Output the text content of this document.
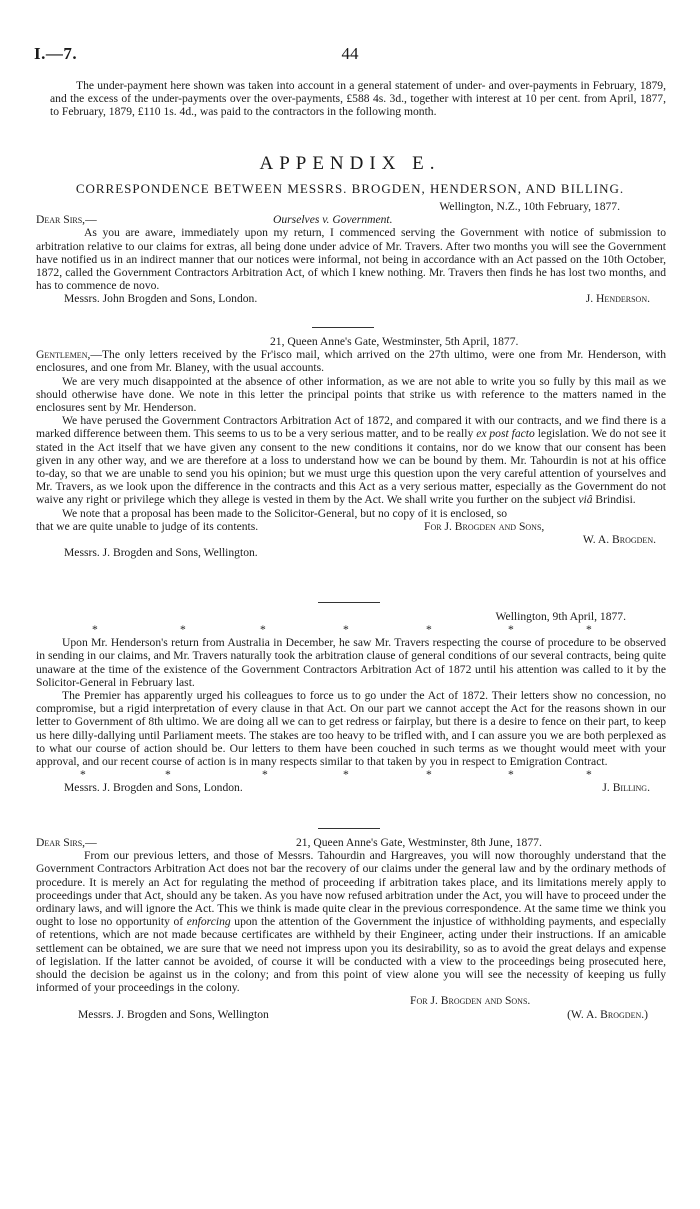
I.—7.	44

The under-payment here shown was taken into account in a general statement of under- and over-payments in February, 1879, and the excess of the under-payments over the over-payments, £588 4s. 3d., together with interest at 10 per cent. from April, 1877, to February, 1879, £110 1s. 4d., was paid to the contractors in the following month.

APPENDIX E.
CORRESPONDENCE BETWEEN MESSRS. BROGDEN, HENDERSON, AND BILLING.
Wellington, N.Z., 10th February, 1877.
Dear Sirs,—	Ourselves v. Government.

As you are aware, immediately upon my return, I commenced serving the Government with notice of submission to arbitration relative to our claims for extras, all being done under advice of Mr. Travers. After two months you will see the Government have notified us in an indirect manner that our notices were informal, not being in accordance with an Act passed on the 10th October, 1872, called the Government Contractors Arbitration Act, of which I knew nothing. Mr. Travers then finds he has lost two months, and has to commence de novo.

Messrs. John Brogden and Sons, London.	J. Henderson.
21, Queen Anne's Gate, Westminster, 5th April, 1877.

Gentlemen,—The only letters received by the Fr'isco mail, which arrived on the 27th ultimo, were one from Mr. Henderson, with enclosures, and one from Mr. Blaney, with the usual accounts.

We are very much disappointed at the absence of other information, as we are not able to write you so fully by this mail as we should otherwise have done. We note in this letter the principal points that strike us with reference to the matters named in the enclosures sent by Mr. Henderson.

We have perused the Government Contractors Arbitration Act of 1872, and compared it with our contracts, and we find there is a marked difference between them. This seems to us to be a very serious matter, and to be really ex post facto legislation. We do not see it stated in the Act itself that we have given any consent to the new conditions it contains, nor do we know that our consent has been given in any other way, and we are therefore at a loss to understand how we can be bound by them. Mr. Tahourdin is not at his office to-day, so that we are unable to send you his opinion; but we must urge this question upon the very careful attention of yourselves and Mr. Travers, as we look upon the difference in the contracts and this Act as a very serious matter, especially as the Government do not waive any right or privilege which they allege is vested in them by the Act. We shall write you further on the subject viâ Brindisi.

We note that a proposal has been made to the Solicitor-General, but no copy of it is enclosed, so

that we are quite unable to judge of its contents.	For J. Brogden and Sons,
W. A. Brogden.
Messrs. J. Brogden and Sons, Wellington.
Wellington, 9th April, 1877.
*	*	*	*	*	*	*

Upon Mr. Henderson's return from Australia in December, he saw Mr. Travers respecting the course of procedure to be observed in sending in our claims, and Mr. Travers naturally took the arbitration clause of general conditions of our several contracts, being quite unaware at the time of the existence of the Government Contractors Arbitration Act of 1872 until his attention was called to it by the Solicitor-General in February last.

The Premier has apparently urged his colleagues to force us to go under the Act of 1872. Their letters show no concession, no compromise, but a rigid interpretation of every clause in that Act. On our part we cannot accept the Act for the reasons shown in our letter to Government of 8th ultimo. We are doing all we can to get redress or fairplay, but there is a desire to fence on their part, to keep us here dilly-dallying until Parliament meets. The stakes are too heavy to be trifled with, and I can assure you we are both perplexed as to what our course of action should be. Our letters to them have been couched in such terms as we thought would meet with your approval, and our recent course of action is in many respects similar to that taken by you in respect to Emigration Contract.

*	*	*	*	*	*	*
Messrs. J. Brogden and Sons, London.	J. Billing.
Dear Sirs,—	21, Queen Anne's Gate, Westminster, 8th June, 1877.

From our previous letters, and those of Messrs. Tahourdin and Hargreaves, you will now thoroughly understand that the Government Contractors Arbitration Act does not bar the recovery of our claims under the general law and by the ordinary methods of procedure. It is merely an Act for regulating the method of proceeding if arbitration takes place, and its limitations merely apply to proceedings under that Act, should any be taken. As you have now refused arbitration under the Act, you will have to proceed under the ordinary laws, and will ignore the Act. This we think is made quite clear in the previous correspondence. At the same time we think you ought to lose no opportunity of enforcing upon the attention of the Government the injustice of withholding payments, and especially of retentions, which are not made because certificates are withheld by their Engineer, acting under their instructions. If an amicable settlement can be obtained, we are sure that we need not impress upon you its desirability, so as to avoid the great delays and expense of legislation. If the latter cannot be avoided, of course it will be conducted with a view to the proceedings being prosecuted here, should the decision be against us in the colony; and from this point of view alone you will see the necessity of keeping us fully informed of your proceedings in the colony.

For J. Brogden and Sons.
Messrs. J. Brogden and Sons, Wellington	(W. A. Brogden.)
